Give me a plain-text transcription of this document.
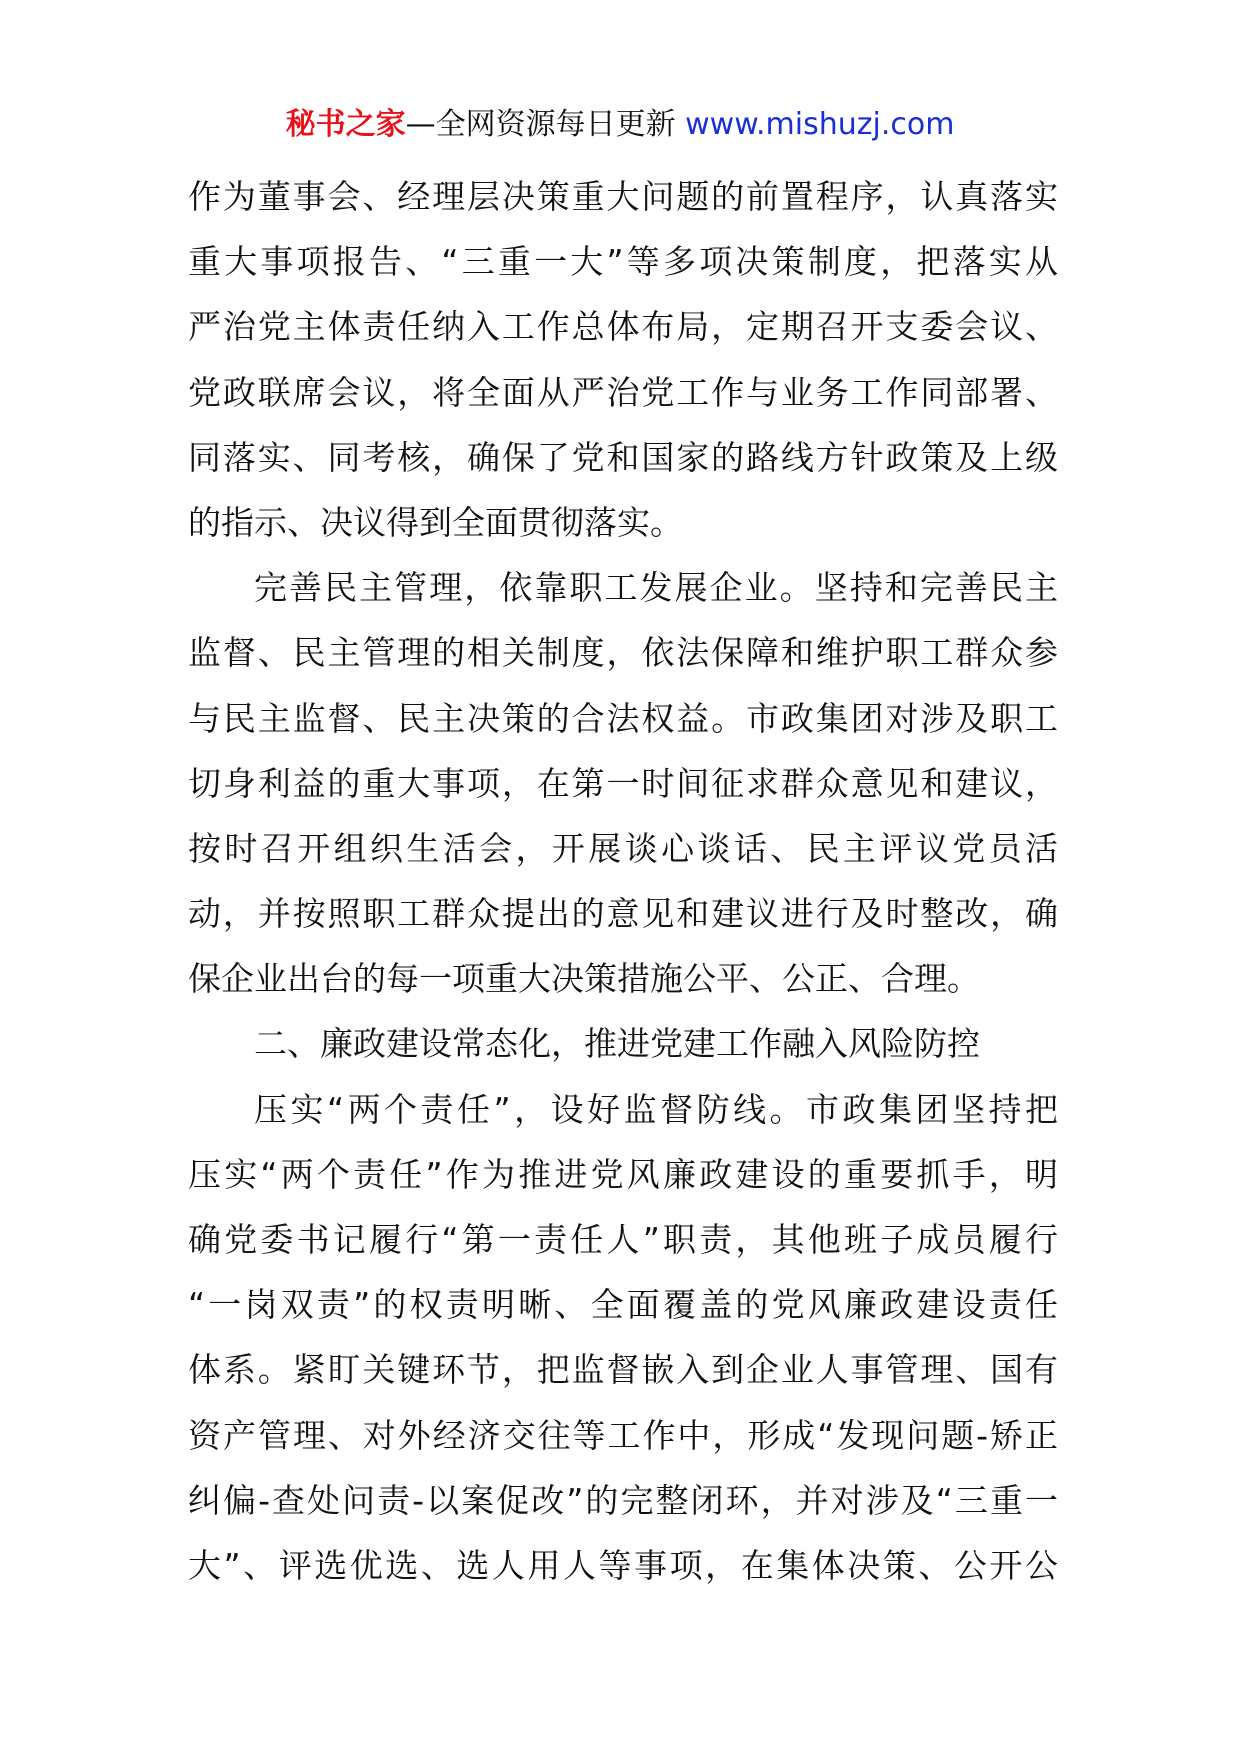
秘书之家—全网资源每日更新 www.mishuzj.com
作为董事会、经理层决策重大问题的前置程序，认真落实
重大事项报告、“三重一大”等多项决策制度，把落实从
严治党主体责任纳入工作总体布局，定期召开支委会议、
党政联席会议，将全面从严治党工作与业务工作同部署、
同落实、同考核，确保了党和国家的路线方针政策及上级
的指示、决议得到全面贯彻落实。
完善民主管理，依靠职工发展企业。坚持和完善民主
监督、民主管理的相关制度，依法保障和维护职工群众参
与民主监督、民主决策的合法权益。市政集团对涉及职工
切身利益的重大事项，在第一时间征求群众意见和建议，
按时召开组织生活会，开展谈心谈话、民主评议党员活
动，并按照职工群众提出的意见和建议进行及时整改，确
保企业出台的每一项重大决策措施公平、公正、合理。
二、廉政建设常态化，推进党建工作融入风险防控
压实“两个责任”，设好监督防线。市政集团坚持把
压实“两个责任”作为推进党风廉政建设的重要抓手，明
确党委书记履行“第一责任人”职责，其他班子成员履行
“一岗双责”的权责明晰、全面覆盖的党风廉政建设责任
体系。紧盯关键环节，把监督嵌入到企业人事管理、国有
资产管理、对外经济交往等工作中，形成“发现问题-矫正
纠偏-查处问责-以案促改”的完整闭环，并对涉及“三重一
大”、评选优选、选人用人等事项，在集体决策、公开公
